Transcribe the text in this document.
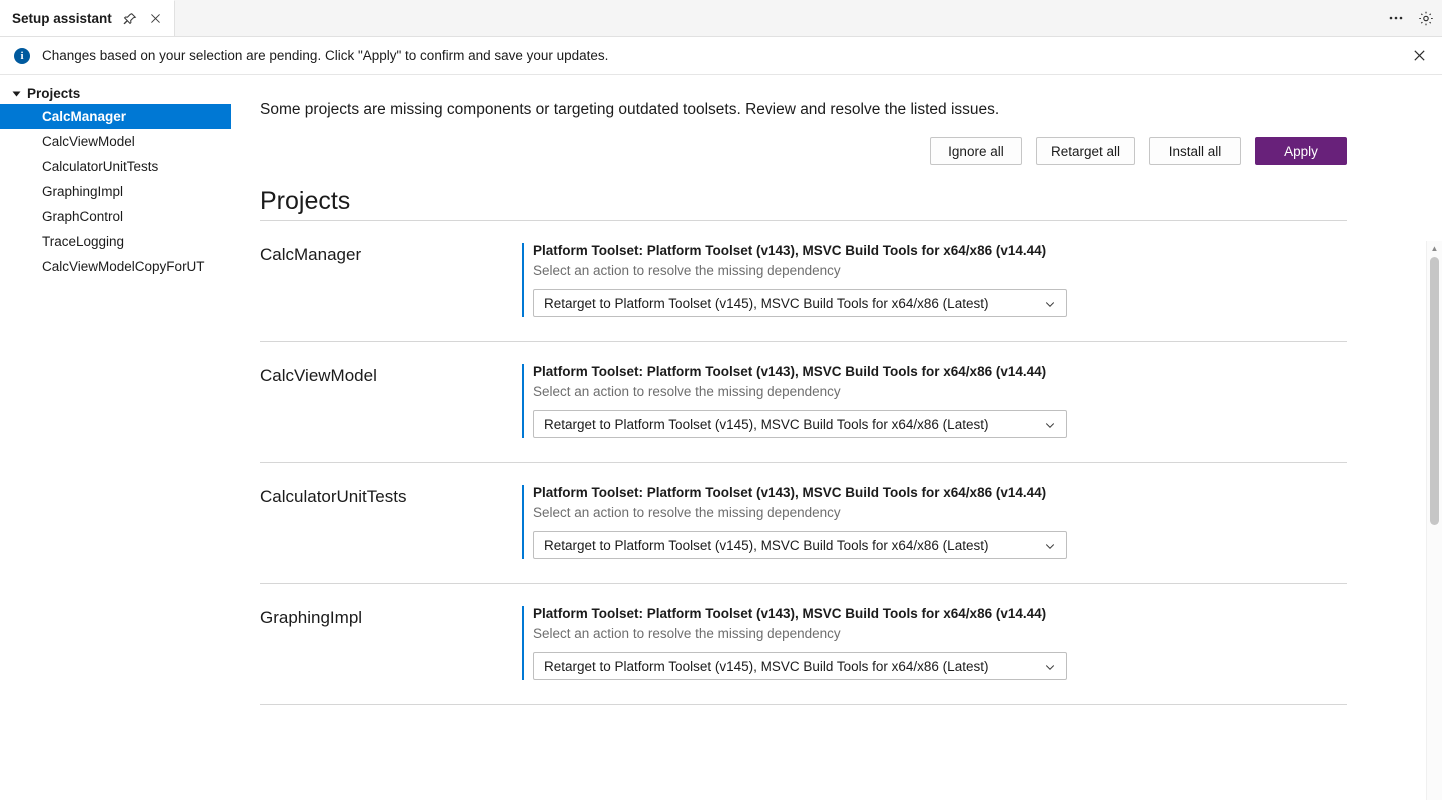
Setup assistant
i	Changes based on your selection are pending. Click "Apply" to confirm and save your updates.
Projects
CalcManager
CalcViewModel
CalculatorUnitTests
GraphingImpl
GraphControl
TraceLogging
CalcViewModelCopyForUT
Some projects are missing components or targeting outdated toolsets. Review and resolve the listed issues.
Ignore all	Retarget all	Install all	Apply
Projects
CalcManager	Platform Toolset: Platform Toolset (v143), MSVC Build Tools for x64/x86 (v14.44)
Select an action to resolve the missing dependency
Retarget to Platform Toolset (v145), MSVC Build Tools for x64/x86 (Latest)
CalcViewModel	Platform Toolset: Platform Toolset (v143), MSVC Build Tools for x64/x86 (v14.44)
Select an action to resolve the missing dependency
Retarget to Platform Toolset (v145), MSVC Build Tools for x64/x86 (Latest)
CalculatorUnitTests	Platform Toolset: Platform Toolset (v143), MSVC Build Tools for x64/x86 (v14.44)
Select an action to resolve the missing dependency
Retarget to Platform Toolset (v145), MSVC Build Tools for x64/x86 (Latest)
GraphingImpl	Platform Toolset: Platform Toolset (v143), MSVC Build Tools for x64/x86 (v14.44)
Select an action to resolve the missing dependency
Retarget to Platform Toolset (v145), MSVC Build Tools for x64/x86 (Latest)
▲
